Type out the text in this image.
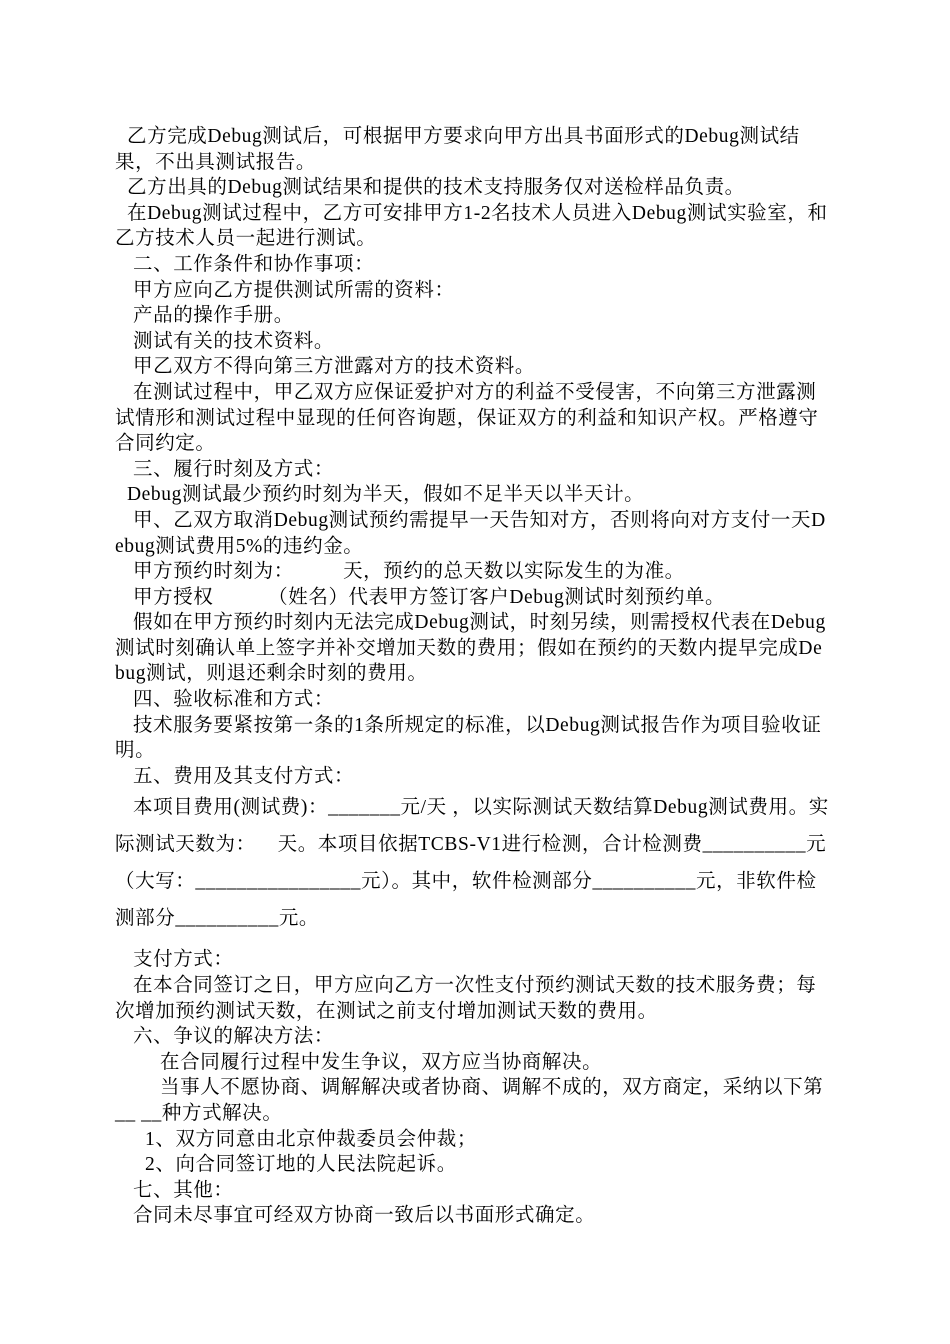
乙方完成Debug测试后，可根据甲方要求向甲方出具书面形式的Debug测试结果，不出具测试报告。

乙方出具的Debug测试结果和提供的技术支持服务仅对送检样品负责。

在Debug测试过程中，乙方可安排甲方1-2名技术人员进入Debug测试实验室，和乙方技术人员一起进行测试。

二、工作条件和协作事项：

甲方应向乙方提供测试所需的资料：

产品的操作手册。

测试有关的技术资料。

甲乙双方不得向第三方泄露对方的技术资料。

在测试过程中，甲乙双方应保证爱护对方的利益不受侵害，不向第三方泄露测试情形和测试过程中显现的任何咨询题，保证双方的利益和知识产权。严格遵守合同约定。

三、履行时刻及方式：

Debug测试最少预约时刻为半天，假如不足半天以半天计。

甲、乙双方取消Debug测试预约需提早一天告知对方，否则将向对方支付一天Debug测试费用5%的违约金。

甲方预约时刻为：         天，预约的总天数以实际发生的为准。

甲方授权          （姓名）代表甲方签订客户Debug测试时刻预约单。

假如在甲方预约时刻内无法完成Debug测试，时刻另续，则需授权代表在Debug测试时刻确认单上签字并补交增加天数的费用；假如在预约的天数内提早完成Debug测试，则退还剩余时刻的费用。

四、验收标准和方式：

技术服务要紧按第一条的1条所规定的标准，以Debug测试报告作为项目验收证明。

五、费用及其支付方式：

本项目费用(测试费)：_______元/天 ，以实际测试天数结算Debug测试费用。实际测试天数为：    天。本项目依据TCBS-V1进行检测，合计检测费__________元（大写：________________元）。其中，软件检测部分__________元，非软件检测部分__________元。

支付方式：

在本合同签订之日，甲方应向乙方一次性支付预约测试天数的技术服务费；每次增加预约测试天数，在测试之前支付增加测试天数的费用。

六、争议的解决方法：

在合同履行过程中发生争议，双方应当协商解决。

当事人不愿协商、调解解决或者协商、调解不成的，双方商定，采纳以下第__ __种方式解决。

1、双方同意由北京仲裁委员会仲裁；

2、向合同签订地的人民法院起诉。

七、其他：

合同未尽事宜可经双方协商一致后以书面形式确定。
